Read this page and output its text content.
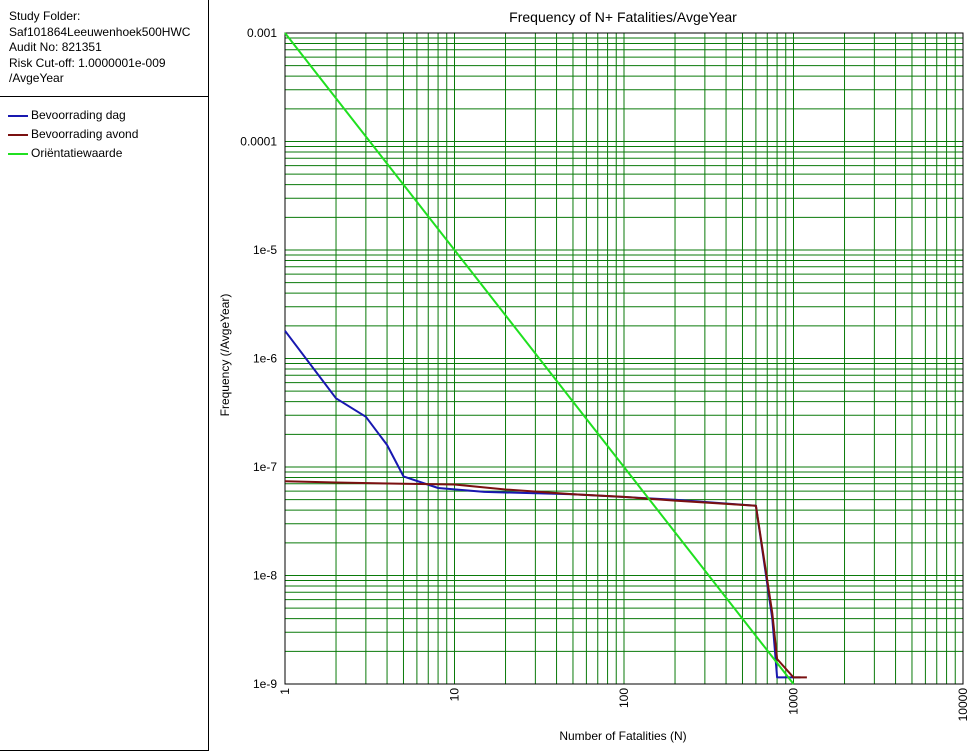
Study Folder:
Saf101864Leeuwenhoek500HWC
Audit No: 821351
Risk Cut-off: 1.0000001e-009
/AvgeYear
Bevoorrading dag
Bevoorrading avond
Oriëntatiewaarde
Frequency of N+ Fatalities/AvgeYear
0.001
0.0001
1e-5
1e-6
1e-7
1e-8
1e-9
1	10	100	1000	10000
Number of Fatalities (N)
Frequency (/AvgeYear)
